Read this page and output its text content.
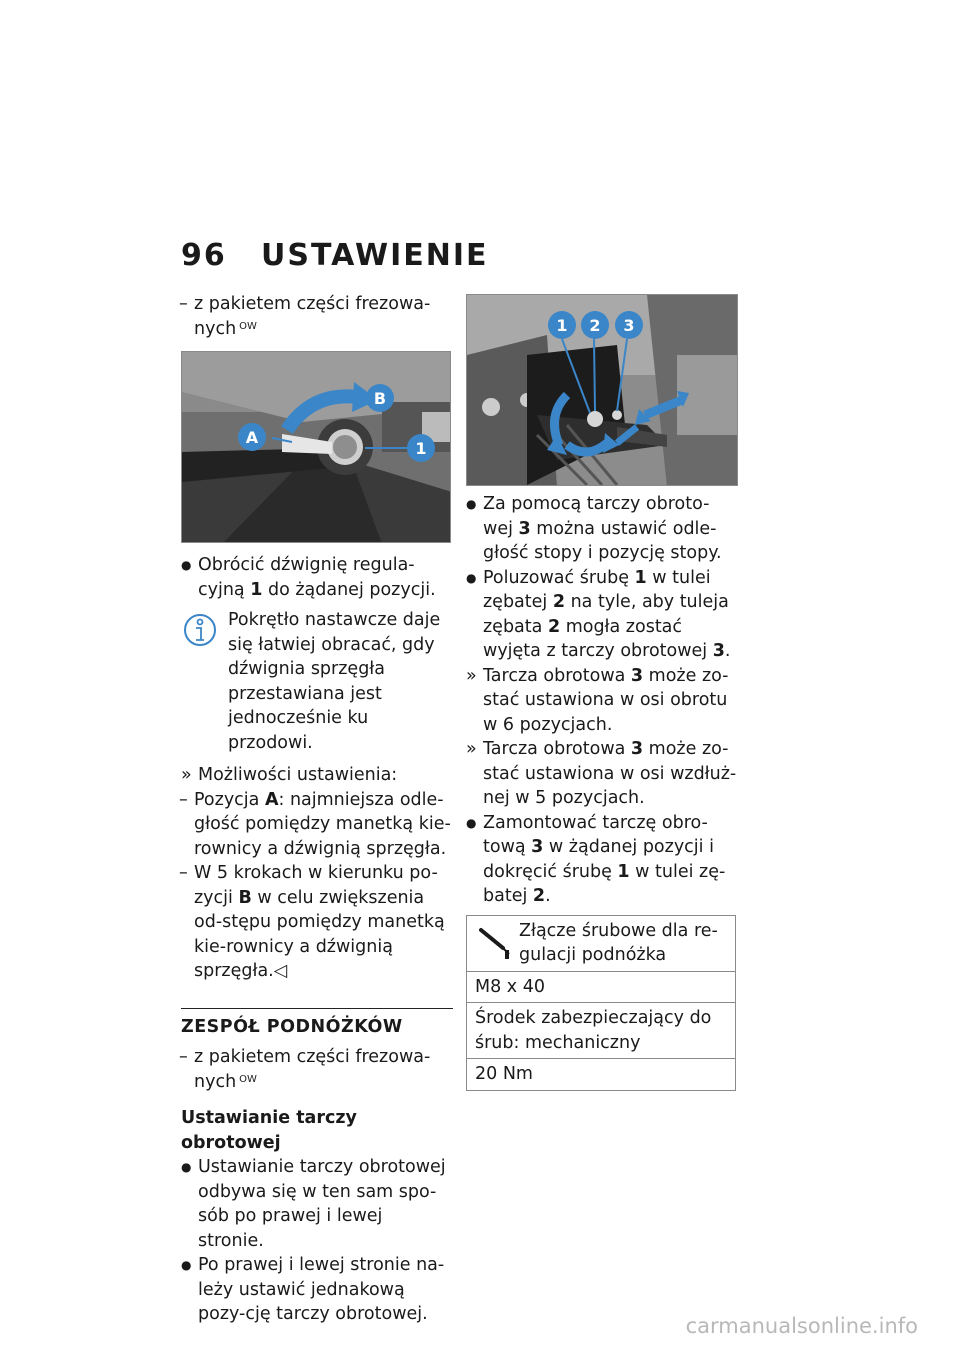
96 USTAWIENIE

– z pakietem części frezowa-nych $^{OW}$

A
B
1

● Obrócić dźwignię regula-cyjną 1 do żądanej pozycji.

Pokrętło nastawcze daje

się łatwiej obracać, gdy dźwignia sprzęgła przestawiana jest jednocześnie ku przodowi.

» Możliwości ustawienia:

– Pozycja A: najmniejsza odle-głość pomiędzy manetką kie-rownicy a dźwignią sprzęgła.

– W 5 krokach w kierunku po-zycji B w celu zwiększenia od-stępu pomiędzy manetką kie-rownicy a dźwignią sprzęgła.◁

ZESPÓŁ PODNÓŻKÓW

– z pakietem części frezowa-nych $^{OW}$

Ustawianie tarczy obrotowej

● Ustawianie tarczy obrotowej odbywa się w ten sam spo-sób po prawej i lewej stronie.

● Po prawej i lewej stronie na-leży ustawić jednakową pozy-cję tarczy obrotowej.

1 2 3

● Za pomocą tarczy obroto-wej 3 można ustawić odle-głość stopy i pozycję stopy.

● Poluzować śrubę 1 w tulei zębatej 2 na tyle, aby tuleja zębata 2 mogła zostać wyjęta z tarczy obrotowej 3.

» Tarcza obrotowa 3 może zo-stać ustawiona w osi obrotu w 6 pozycjach.

» Tarcza obrotowa 3 może zo-stać ustawiona w osi wzdłuż-nej w 5 pozycjach.

● Zamontować tarczę obro-tową 3 w żądanej pozycji i dokręcić śrubę 1 w tulei zę-batej 2.

Złącze śrubowe dla re-gulacji podnóżka
M8 x 40
Środek zabezpieczający do śrub: mechaniczny
20 Nm
carmanualsonline.info
